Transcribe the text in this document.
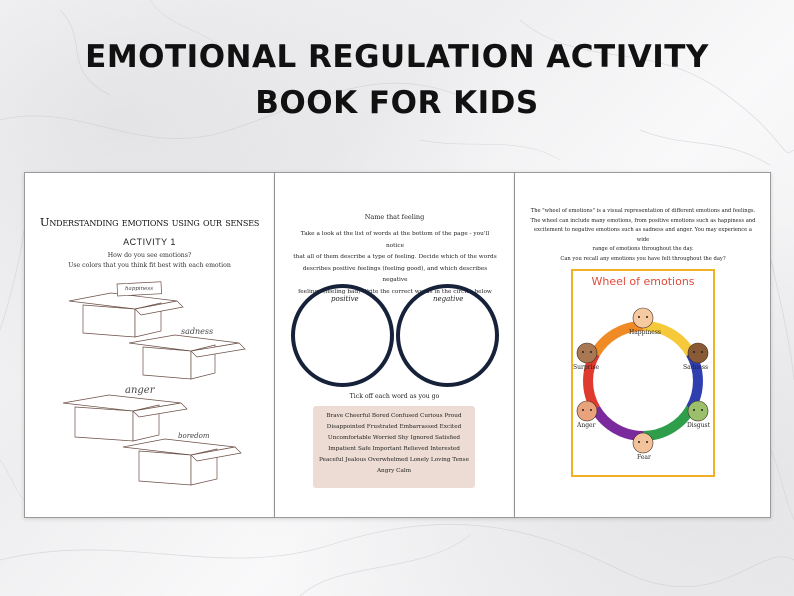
EMOTIONAL REGULATION ACTIVITY
BOOK FOR KIDS
Understanding emotions using our senses
ACTIVITY 1
How do you see emotions?
Use colors that you think fit best with each emotion
happiness
sadness
anger
boredom
Name that feeling
Take a look at the list of words at the bottom of the page - you'll notice
that all of them describe a type of feeling. Decide which of the words
describes positive feelings (feeling good), and which describes negative
feelings (feeling bad) Write the correct words in the circles below
positive	negative
Tick off each word as you go
Brave Cheerful Bored Confused Curious Proud
Disappointed Frustrated Embarrassed Excited
Uncomfortable Worried Shy Ignored Satisfied
Impatient Safe Important Relieved Interested
Peaceful Jealous Overwhelmed Lonely Loving Tense
Angry Calm
The "wheel of emotions" is a visual representation of different emotions and feelings.
The wheel can include many emotions, from positive emotions such as happiness and
excitement to negative emotions such as sadness and anger. You may experience a wide
range of emotions throughout the day.
Can you recall any emotions you have felt throughout the day?
Wheel of emotions
Happiness
Sadness
Disgust
Fear
Anger
Surprise
